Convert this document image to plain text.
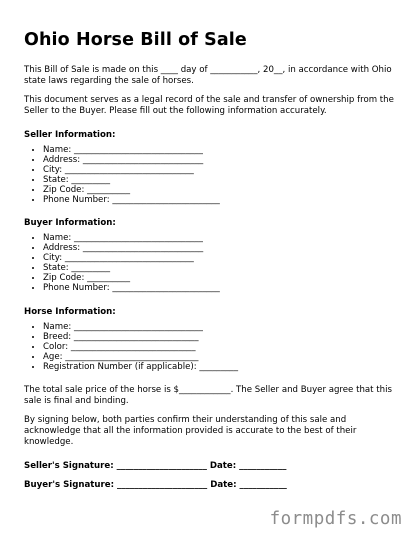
Ohio Horse Bill of Sale

This Bill of Sale is made on this ____ day of ___________, 20__, in accordance with Ohio state laws regarding the sale of horses.

This document serves as a legal record of the sale and transfer of ownership from the Seller to the Buyer. Please fill out the following information accurately.

Seller Information:
• Name: ______________________________
• Address: ____________________________
• City: ______________________________
• State: _________
• Zip Code: __________
• Phone Number: _________________________
Buyer Information:
• Name: ______________________________
• Address: ____________________________
• City: ______________________________
• State: _________
• Zip Code: __________
• Phone Number: _________________________
Horse Information:
• Name: ______________________________
• Breed: _____________________________
• Color: _____________________________
• Age: _______________________________
• Registration Number (if applicable): _________

The total sale price of the horse is $____________. The Seller and Buyer agree that this sale is final and binding.

By signing below, both parties confirm their understanding of this sale and acknowledge that all the information provided is accurate to the best of their knowledge.

Seller's Signature: _____________________ Date: ___________
Buyer's Signature: _____________________ Date: ___________
formpdfs.com
